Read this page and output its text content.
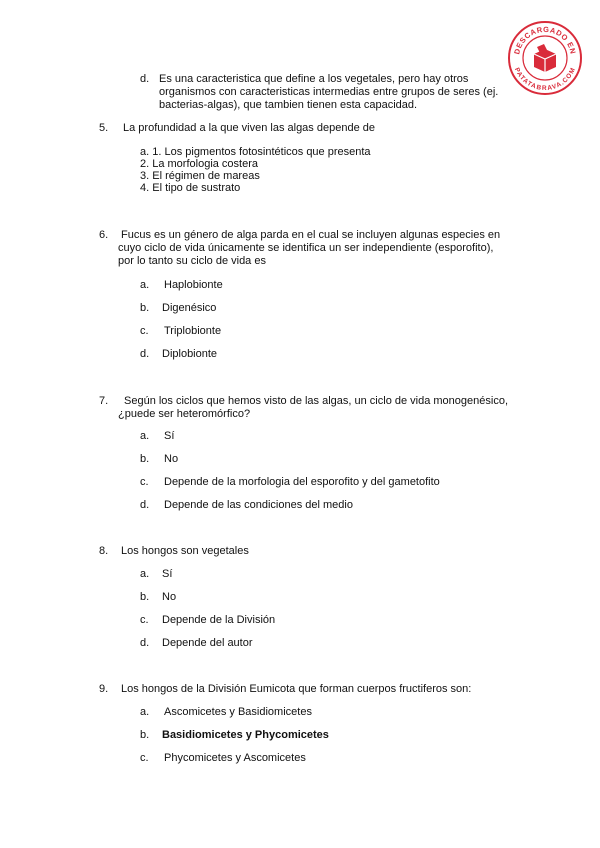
DESCARGADO EN
PATATABRAVA.COM
d. Es una caracteristica que define a los vegetales, pero hay otros
organismos con caracteristicas intermedias entre grupos de seres (ej.
bacterias-algas), que tambien tienen esta capacidad.
5. La profundidad a la que viven las algas depende de
a. 1. Los pigmentos fotosintéticos que presenta
2. La morfologia costera
3. El régimen de mareas
4. El tipo de sustrato
6. Fucus es un género de alga parda en el cual se incluyen algunas especies en
cuyo ciclo de vida únicamente se identifica un ser independiente (esporofito),
por lo tanto su ciclo de vida es
a. Haplobionte
b. Digenésico
c. Triplobionte
d. Diplobionte
7. Según los ciclos que hemos visto de las algas, un ciclo de vida monogenésico,
¿puede ser heteromórfico?
a. Sí
b. No
c. Depende de la morfologia del esporofito y del gametofito
d. Depende de las condiciones del medio
8. Los hongos son vegetales
a. Sí
b. No
c. Depende de la División
d. Depende del autor
9. Los hongos de la División Eumicota que forman cuerpos fructiferos son:
a. Ascomicetes y Basidiomicetes
b. Basidiomicetes y Phycomicetes
c. Phycomicetes y Ascomicetes
